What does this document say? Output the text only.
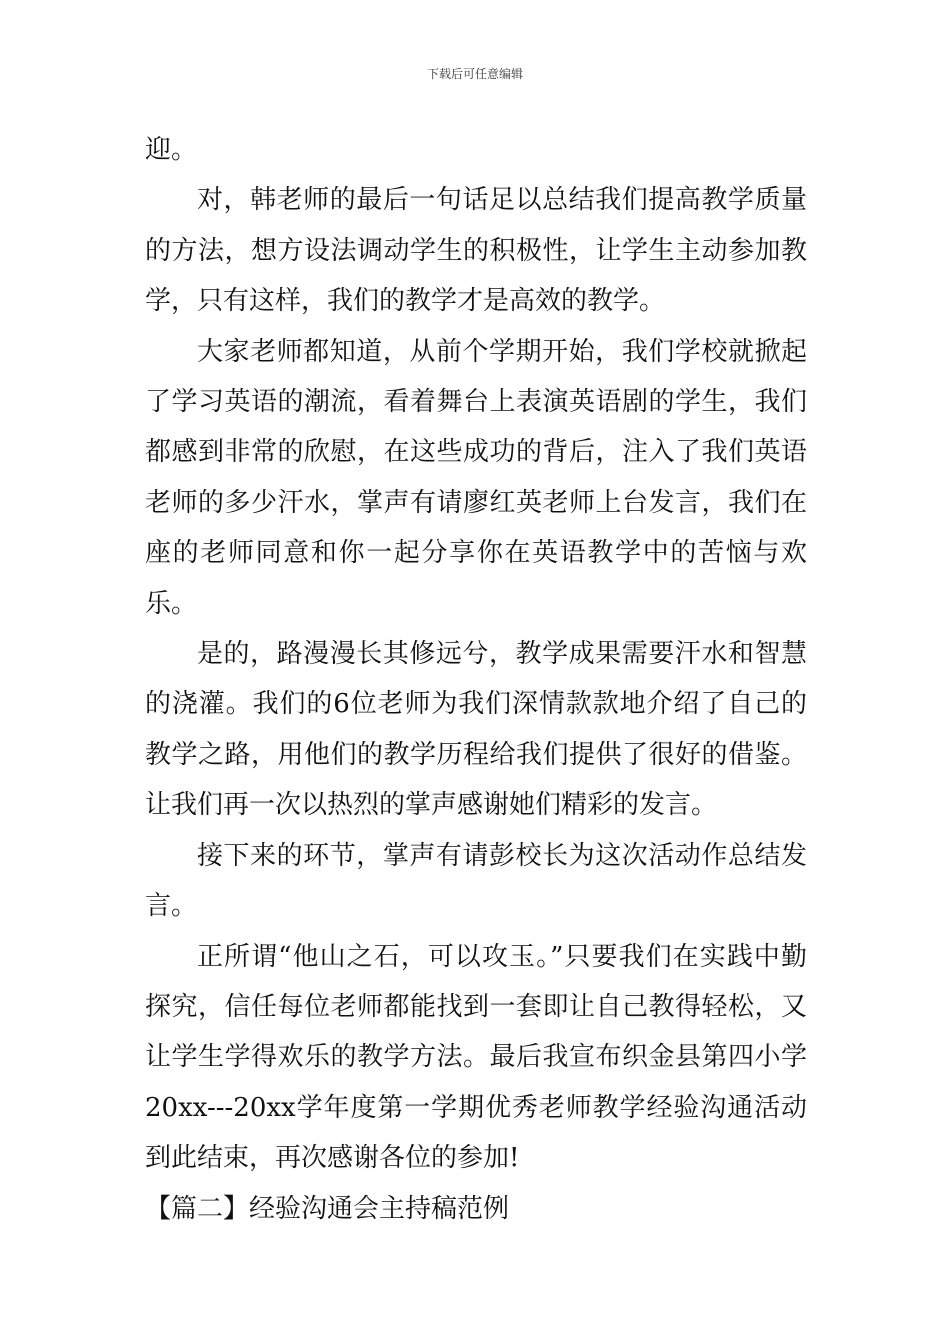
下载后可任意编辑

迎。

对，韩老师的最后一句话足以总结我们提高教学质量的方法，想方设法调动学生的积极性，让学生主动参加教学，只有这样，我们的教学才是高效的教学。

大家老师都知道，从前个学期开始，我们学校就掀起了学习英语的潮流，看着舞台上表演英语剧的学生，我们都感到非常的欣慰，在这些成功的背后，注入了我们英语老师的多少汗水，掌声有请廖红英老师上台发言，我们在座的老师同意和你一起分享你在英语教学中的苦恼与欢乐。

是的，路漫漫长其修远兮，教学成果需要汗水和智慧的浇灌。我们的6位老师为我们深情款款地介绍了自己的教学之路，用他们的教学历程给我们提供了很好的借鉴。让我们再一次以热烈的掌声感谢她们精彩的发言。

接下来的环节，掌声有请彭校长为这次活动作总结发言。

正所谓“他山之石，可以攻玉。”只要我们在实践中勤探究，信任每位老师都能找到一套即让自己教得轻松，又让学生学得欢乐的教学方法。最后我宣布织金县第四小学20xx---20xx学年度第一学期优秀老师教学经验沟通活动到此结束，再次感谢各位的参加!

【篇二】经验沟通会主持稿范例
